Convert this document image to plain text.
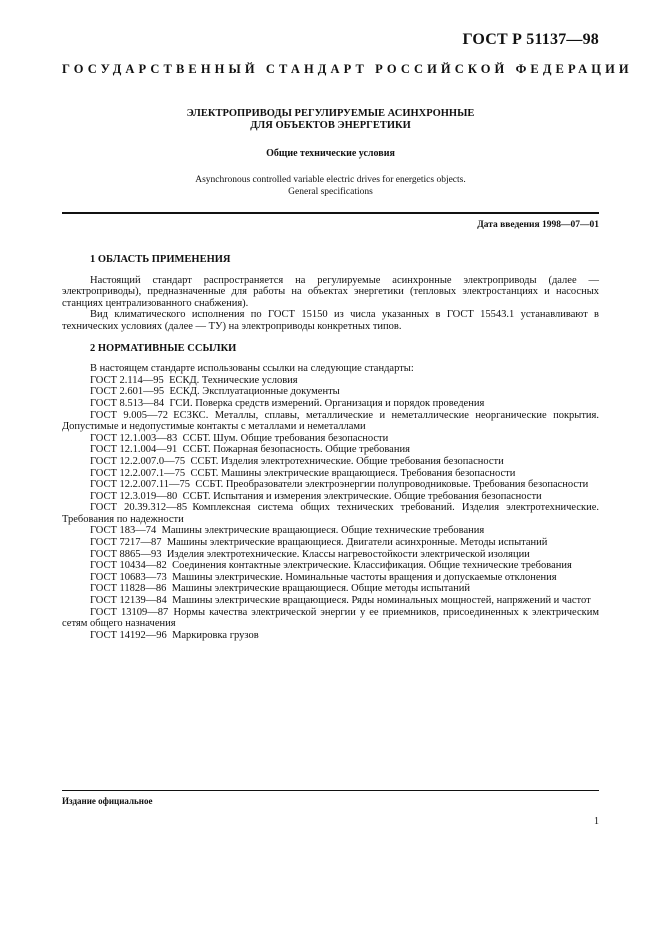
ГОСТ Р 51137—98
ГОСУДАРСТВЕННЫЙ СТАНДАРТ РОССИЙСКОЙ ФЕДЕРАЦИИ
ЭЛЕКТРОПРИВОДЫ РЕГУЛИРУЕМЫЕ АСИНХРОННЫЕ
ДЛЯ ОБЪЕКТОВ ЭНЕРГЕТИКИ
Общие технические условия
Asynchronous controlled variable electric drives for energetics objects.
General specifications
Дата введения 1998—07—01
1 ОБЛАСТЬ ПРИМЕНЕНИЯ

Настоящий стандарт распространяется на регулируемые асинхронные электроприводы (далее — электроприводы), предназначенные для работы на объектах энергетики (тепловых электростанциях и насосных станциях централизованного снабжения).

Вид климатического исполнения по ГОСТ 15150 из числа указанных в ГОСТ 15543.1 устанавливают в технических условиях (далее — ТУ) на электроприводы конкретных типов.

2 НОРМАТИВНЫЕ ССЫЛКИ

В настоящем стандарте использованы ссылки на следующие стандарты:

ГОСТ 2.114—95  ЕСКД. Технические условия
ГОСТ 2.601—95  ЕСКД. Эксплуатационные документы
ГОСТ 8.513—84  ГСИ. Поверка средств измерений. Организация и порядок проведения
ГОСТ 9.005—72  ЕСЗКС. Металлы, сплавы, металлические и неметаллические неорганические покрытия. Допустимые и недопустимые контакты с металлами и неметаллами
ГОСТ 12.1.003—83  ССБТ. Шум. Общие требования безопасности
ГОСТ 12.1.004—91  ССБТ. Пожарная безопасность. Общие требования
ГОСТ 12.2.007.0—75  ССБТ. Изделия электротехнические. Общие требования безопасности
ГОСТ 12.2.007.1—75  ССБТ. Машины электрические вращающиеся. Требования безопасности
ГОСТ 12.2.007.11—75  ССБТ. Преобразователи электроэнергии полупроводниковые. Требования безопасности
ГОСТ 12.3.019—80  ССБТ. Испытания и измерения электрические. Общие требования безопасности
ГОСТ 20.39.312—85  Комплексная система общих технических требований. Изделия электротехнические. Требования по надежности
ГОСТ 183—74  Машины электрические вращающиеся. Общие технические требования
ГОСТ 7217—87  Машины электрические вращающиеся. Двигатели асинхронные. Методы испытаний
ГОСТ 8865—93  Изделия электротехнические. Классы нагревостойкости электрической изоляции
ГОСТ 10434—82  Соединения контактные электрические. Классификация. Общие технические требования
ГОСТ 10683—73  Машины электрические. Номинальные частоты вращения и допускаемые отклонения
ГОСТ 11828—86  Машины электрические вращающиеся. Общие методы испытаний
ГОСТ 12139—84  Машины электрические вращающиеся. Ряды номинальных мощностей, напряжений и частот
ГОСТ 13109—87  Нормы качества электрической энергии у ее приемников, присоединенных к электрическим сетям общего назначения
ГОСТ 14192—96  Маркировка грузов
Издание официальное
1
